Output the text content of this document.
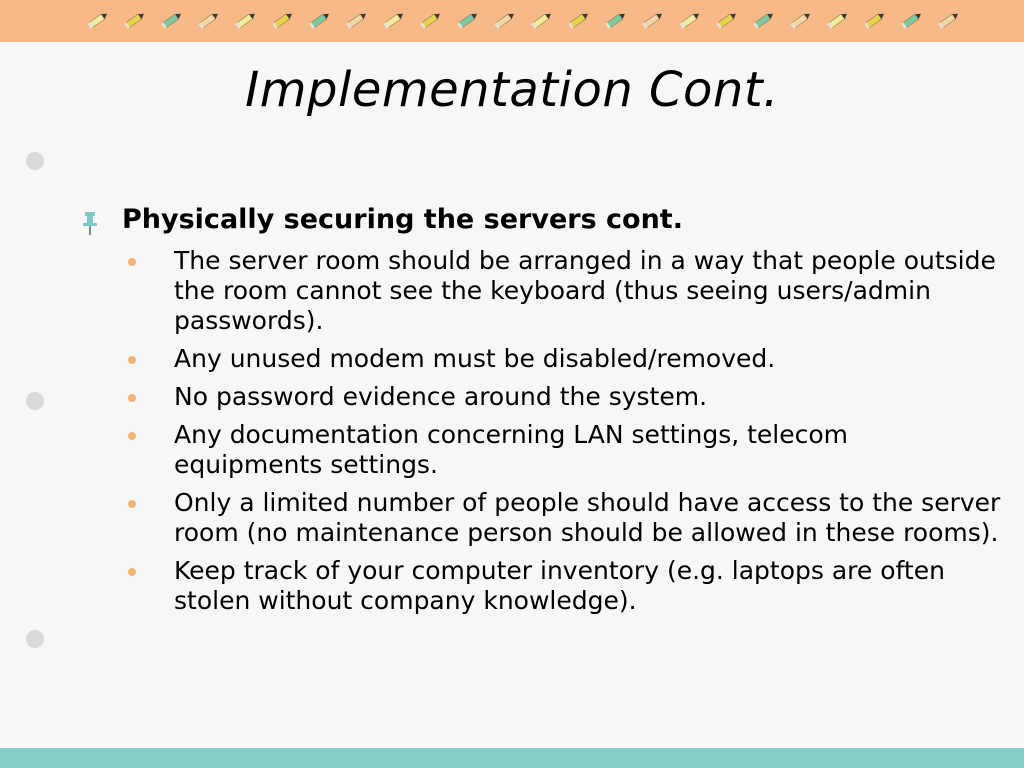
Implementation Cont.
Physically securing the servers cont.
The server room should be arranged in a way that people outside the room cannot see the keyboard (thus seeing users/admin passwords).
Any unused modem must be disabled/removed.
No password evidence around the system.
Any documentation concerning LAN settings, telecom equipments settings.
Only a limited number of people should have access to the server room (no maintenance person should be allowed in these rooms).
Keep track of your computer inventory (e.g. laptops are often stolen without company knowledge).
